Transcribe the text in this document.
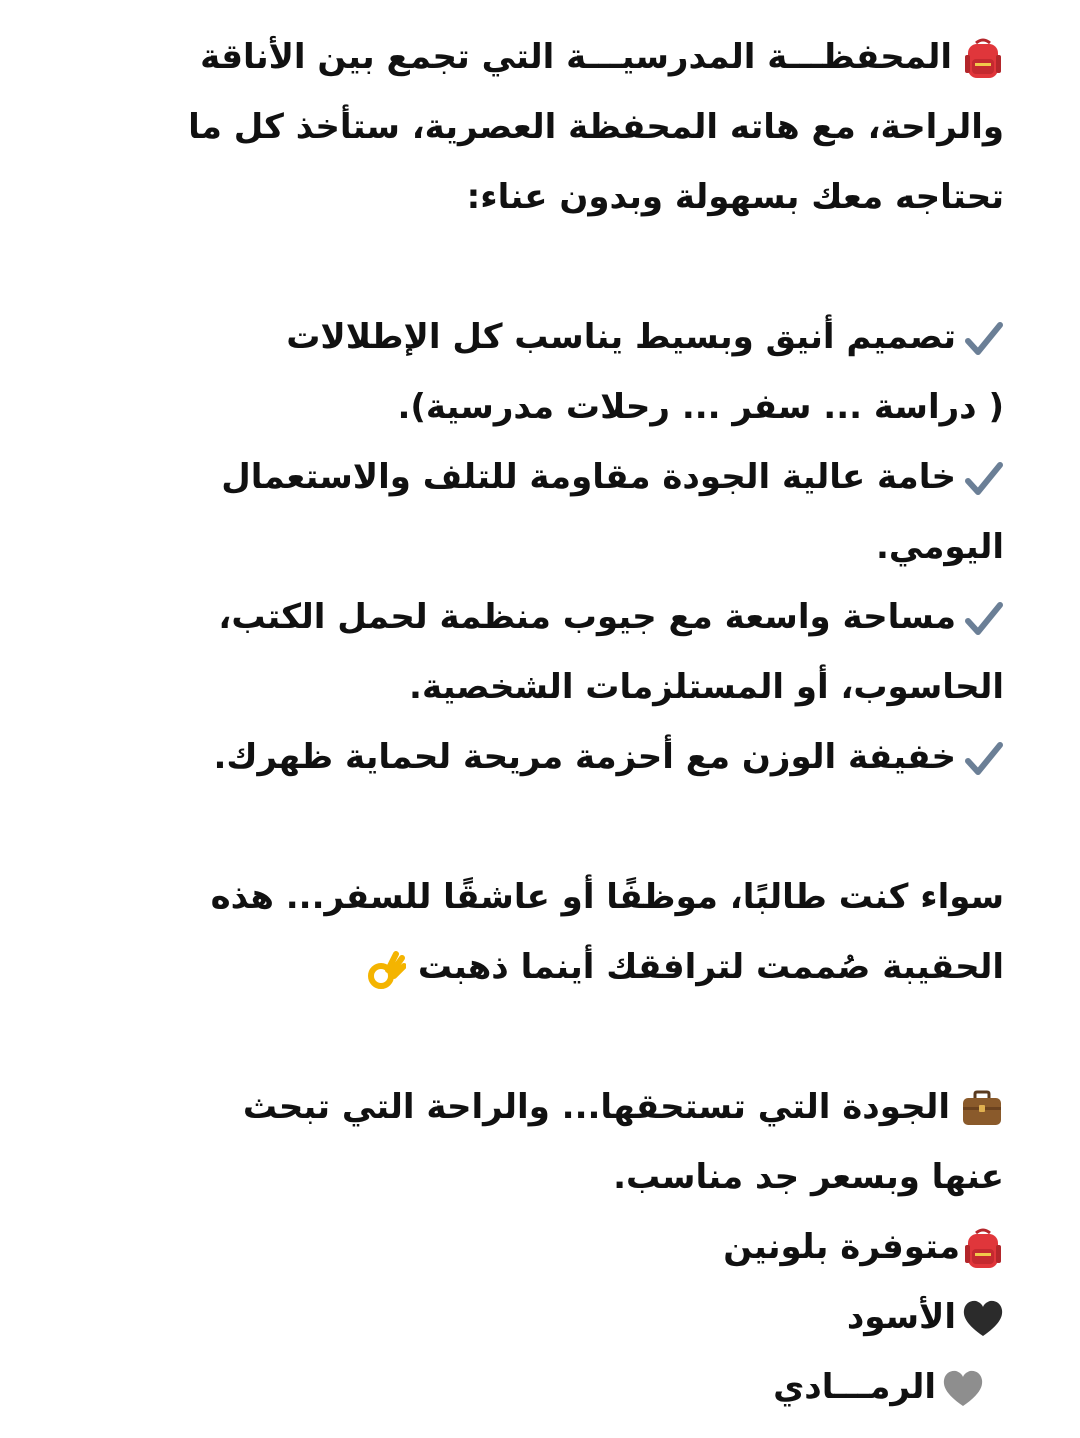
المحفظـــة المدرسيـــة التي تجمع بين الأناقة
والراحة، مع هاته المحفظة العصرية، ستأخذ كل ما
تحتاجه معك بسهولة وبدون عناء:
تصميم أنيق وبسيط يناسب كل الإطلالات
( دراسة ... سفر ... رحلات مدرسية).
خامة عالية الجودة مقاومة للتلف والاستعمال
اليومي.
مساحة واسعة مع جيوب منظمة لحمل الكتب،
الحاسوب، أو المستلزمات الشخصية.
خفيفة الوزن مع أحزمة مريحة لحماية ظهرك.
سواء كنت طالبًا، موظفًا أو عاشقًا للسفر... هذه
الحقيبة صُممت لترافقك أينما ذهبت
الجودة التي تستحقها... والراحة التي تبحث
عنها وبسعر جد مناسب.
متوفرة بلونين
الأسود
الرمـــادي
